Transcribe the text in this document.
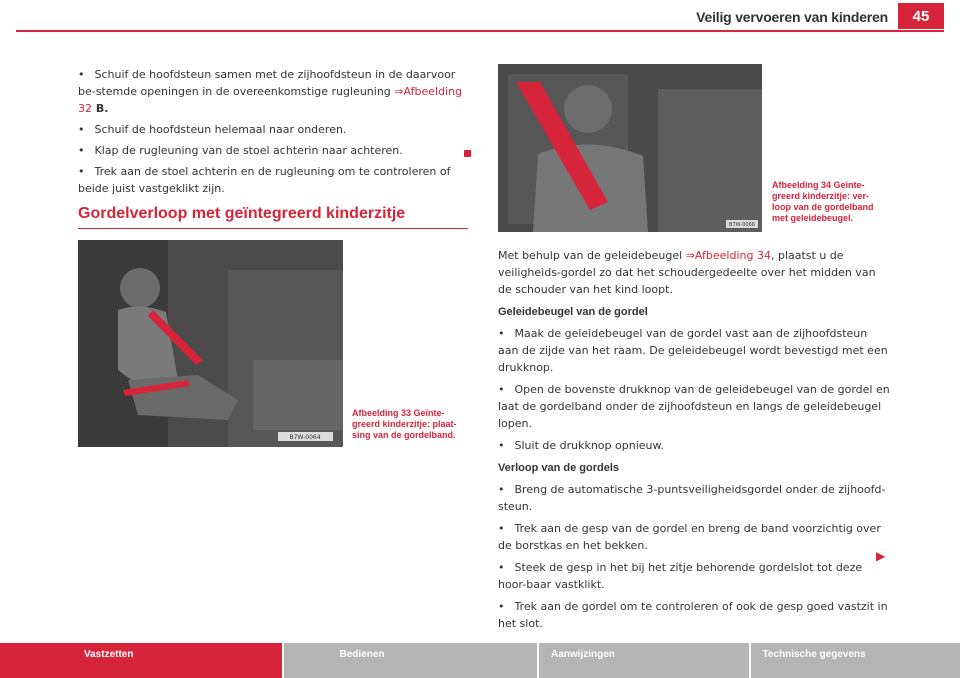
Veilig vervoeren van kinderen	45

• Schuif de hoofdsteun samen met de zijhoofdsteun in de daarvoor be-stemde openingen in de overeenkomstige rugleuning ⇒Afbeelding 32 B.

• Schuif de hoofdsteun helemaal naar onderen.

• Klap de rugleuning van de stoel achterin naar achteren.

• Trek aan de stoel achterin en de rugleuning om te controleren of beide juist vastgeklikt zijn.

Gordelverloop met geïntegreerd kinderzitje
B7W-0064
Afbeelding 33 Geïnte-greerd kinderzitje: plaat-sing van de gordelband.
B7W-0066
Afbeelding 34 Geïnte-greerd kinderzitje: ver-loop van de gordelband met geleidebeugel.

Met behulp van de geleidebeugel ⇒Afbeelding 34, plaatst u de veiligheids-gordel zo dat het schoudergedeelte over het midden van de schouder van het kind loopt.

Geleidebeugel van de gordel

• Maak de geleidebeugel van de gordel vast aan de zijhoofdsteun aan de zijde van het raam. De geleidebeugel wordt bevestigd met een drukknop.

• Open de bovenste drukknop van de geleidebeugel van de gordel en laat de gordelband onder de zijhoofdsteun en langs de geleidebeugel lopen.

• Sluit de drukknop opnieuw.

Verloop van de gordels

• Breng de automatische 3-puntsveiligheidsgordel onder de zijhoofd-steun.

• Trek aan de gesp van de gordel en breng de band voorzichtig over de borstkas en het bekken.

• Steek de gesp in het bij het zitje behorende gordelslot tot deze hoor-baar vastklikt.

• Trek aan de gordel om te controleren of ook de gesp goed vastzit in het slot.

▶
Vastzetten	Bedienen	Aanwijzingen	Technische gegevens
